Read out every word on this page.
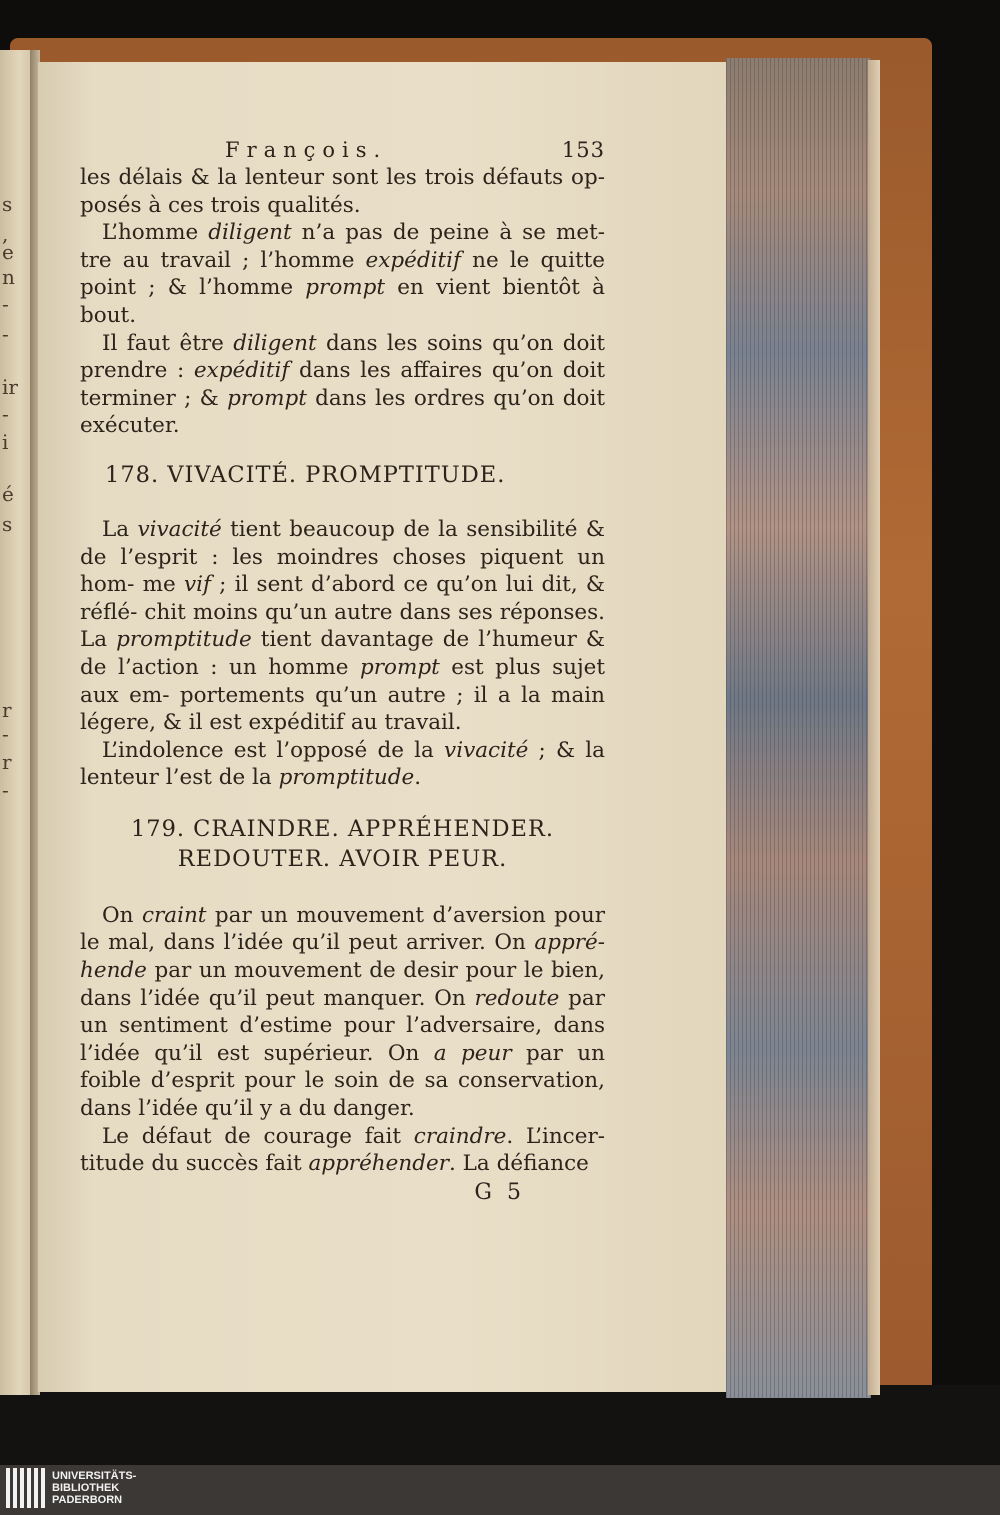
s
,
e
n
-
-
ir
-
i
é
s
r
-
r
-
François.	153

les délais & la lenteur sont les trois défauts op- posés à ces trois qualités.

L’homme diligent n’a pas de peine à se met- tre au travail ; l’homme expéditif ne le quitte point ; & l’homme prompt en vient bientôt à bout.

Il faut être diligent dans les soins qu’on doit prendre : expéditif dans les affaires qu’on doit terminer ; & prompt dans les ordres qu’on doit exécuter.

178. VIVACITÉ. PROMPTITUDE.

La vivacité tient beaucoup de la sensibilité & de l’esprit : les moindres choses piquent un hom- me vif ; il sent d’abord ce qu’on lui dit, & réflé- chit moins qu’un autre dans ses réponses. La promptitude tient davantage de l’humeur & de l’action : un homme prompt est plus sujet aux em- portements qu’un autre ; il a la main légere, & il est expéditif au travail.

L’indolence est l’opposé de la vivacité ; & la lenteur l’est de la promptitude.

179. CRAINDRE. APPRÉHENDER.
REDOUTER. AVOIR PEUR.

On craint par un mouvement d’aversion pour le mal, dans l’idée qu’il peut arriver. On appré- hende par un mouvement de desir pour le bien, dans l’idée qu’il peut manquer. On redoute par un sentiment d’estime pour l’adversaire, dans l’idée qu’il est supérieur. On a peur par un foible d’esprit pour le soin de sa conservation, dans l’idée qu’il y a du danger.

Le défaut de courage fait craindre. L’incer- titude du succès fait appréhender. La défiance

G 5
UNIVERSITÄTS-
BIBLIOTHEK
PADERBORN
